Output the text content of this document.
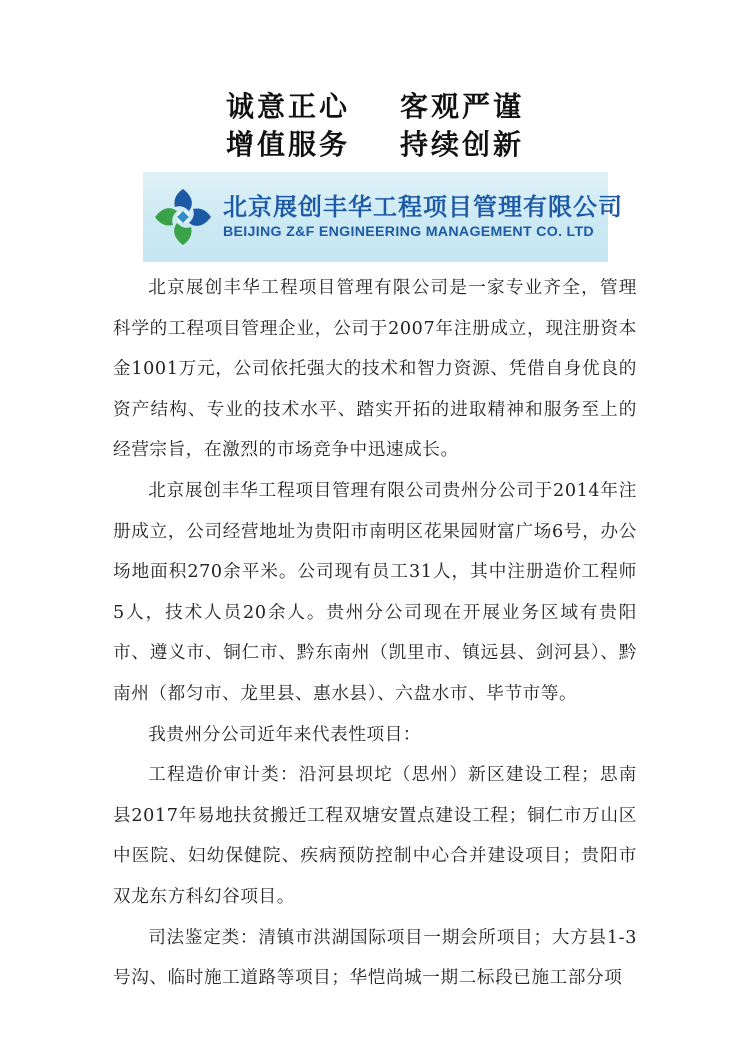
诚意正心 客观严谨
增值服务 持续创新
北京展创丰华工程项目管理有限公司
BEIJING Z&F ENGINEERING MANAGEMENT CO. LTD

北京展创丰华工程项目管理有限公司是一家专业齐全，管理科学的工程项目管理企业，公司于2007年注册成立，现注册资本金1001万元，公司依托强大的技术和智力资源、凭借自身优良的资产结构、专业的技术水平、踏实开拓的进取精神和服务至上的经营宗旨，在激烈的市场竞争中迅速成长。

北京展创丰华工程项目管理有限公司贵州分公司于2014年注册成立，公司经营地址为贵阳市南明区花果园财富广场6号，办公场地面积270余平米。公司现有员工31人，其中注册造价工程师5人，技术人员20余人。贵州分公司现在开展业务区域有贵阳市、遵义市、铜仁市、黔东南州（凯里市、镇远县、剑河县）、黔南州（都匀市、龙里县、惠水县）、六盘水市、毕节市等。

我贵州分公司近年来代表性项目：

工程造价审计类：沿河县坝坨（思州）新区建设工程；思南县2017年易地扶贫搬迁工程双塘安置点建设工程；铜仁市万山区中医院、妇幼保健院、疾病预防控制中心合并建设项目；贵阳市双龙东方科幻谷项目。

司法鉴定类：清镇市洪湖国际项目一期会所项目；大方县1-3号沟、临时施工道路等项目；华恺尚城一期二标段已施工部分项
